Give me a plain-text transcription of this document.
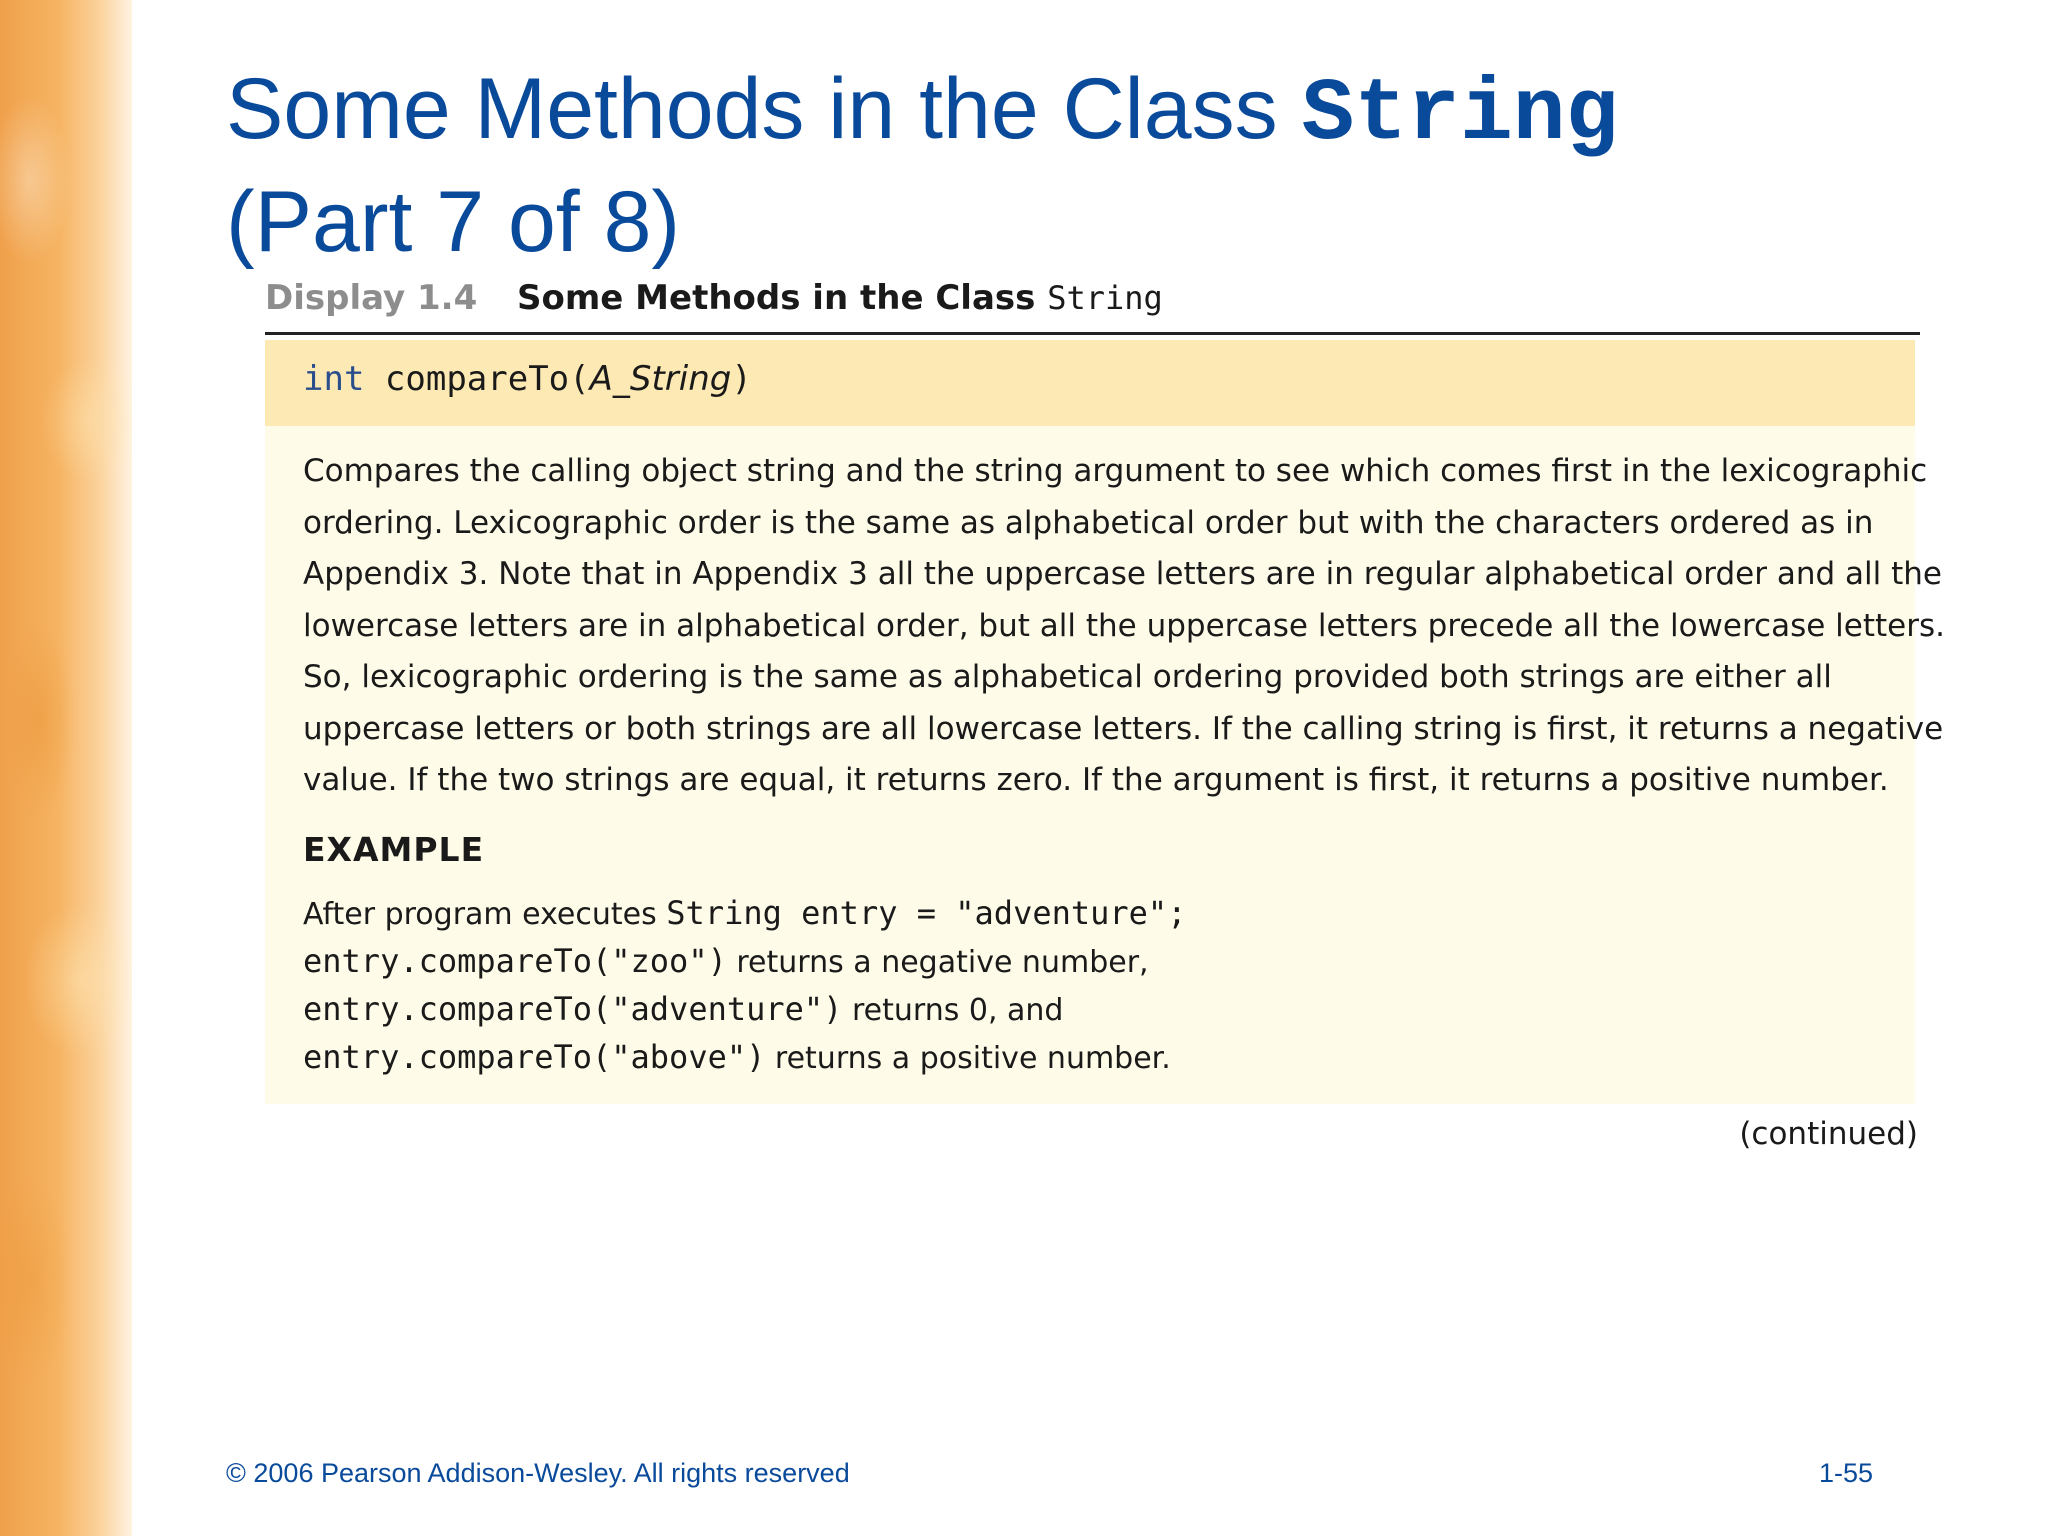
Some Methods in the Class String
(Part 7 of 8)
Display 1.4 Some Methods in the Class String
int compareTo(A_String)
Compares the calling object string and the string argument to see which comes first in the lexicographic
ordering. Lexicographic order is the same as alphabetical order but with the characters ordered as in
Appendix 3. Note that in Appendix 3 all the uppercase letters are in regular alphabetical order and all the
lowercase letters are in alphabetical order, but all the uppercase letters precede all the lowercase letters.
So, lexicographic ordering is the same as alphabetical ordering provided both strings are either all
uppercase letters or both strings are all lowercase letters. If the calling string is first, it returns a negative
value. If the two strings are equal, it returns zero. If the argument is first, it returns a positive number.
EXAMPLE
After program executes String entry = "adventure";
entry.compareTo("zoo") returns a negative number,
entry.compareTo("adventure") returns 0, and
entry.compareTo("above") returns a positive number.
(continued)
© 2006 Pearson Addison-Wesley. All rights reserved	1-55
